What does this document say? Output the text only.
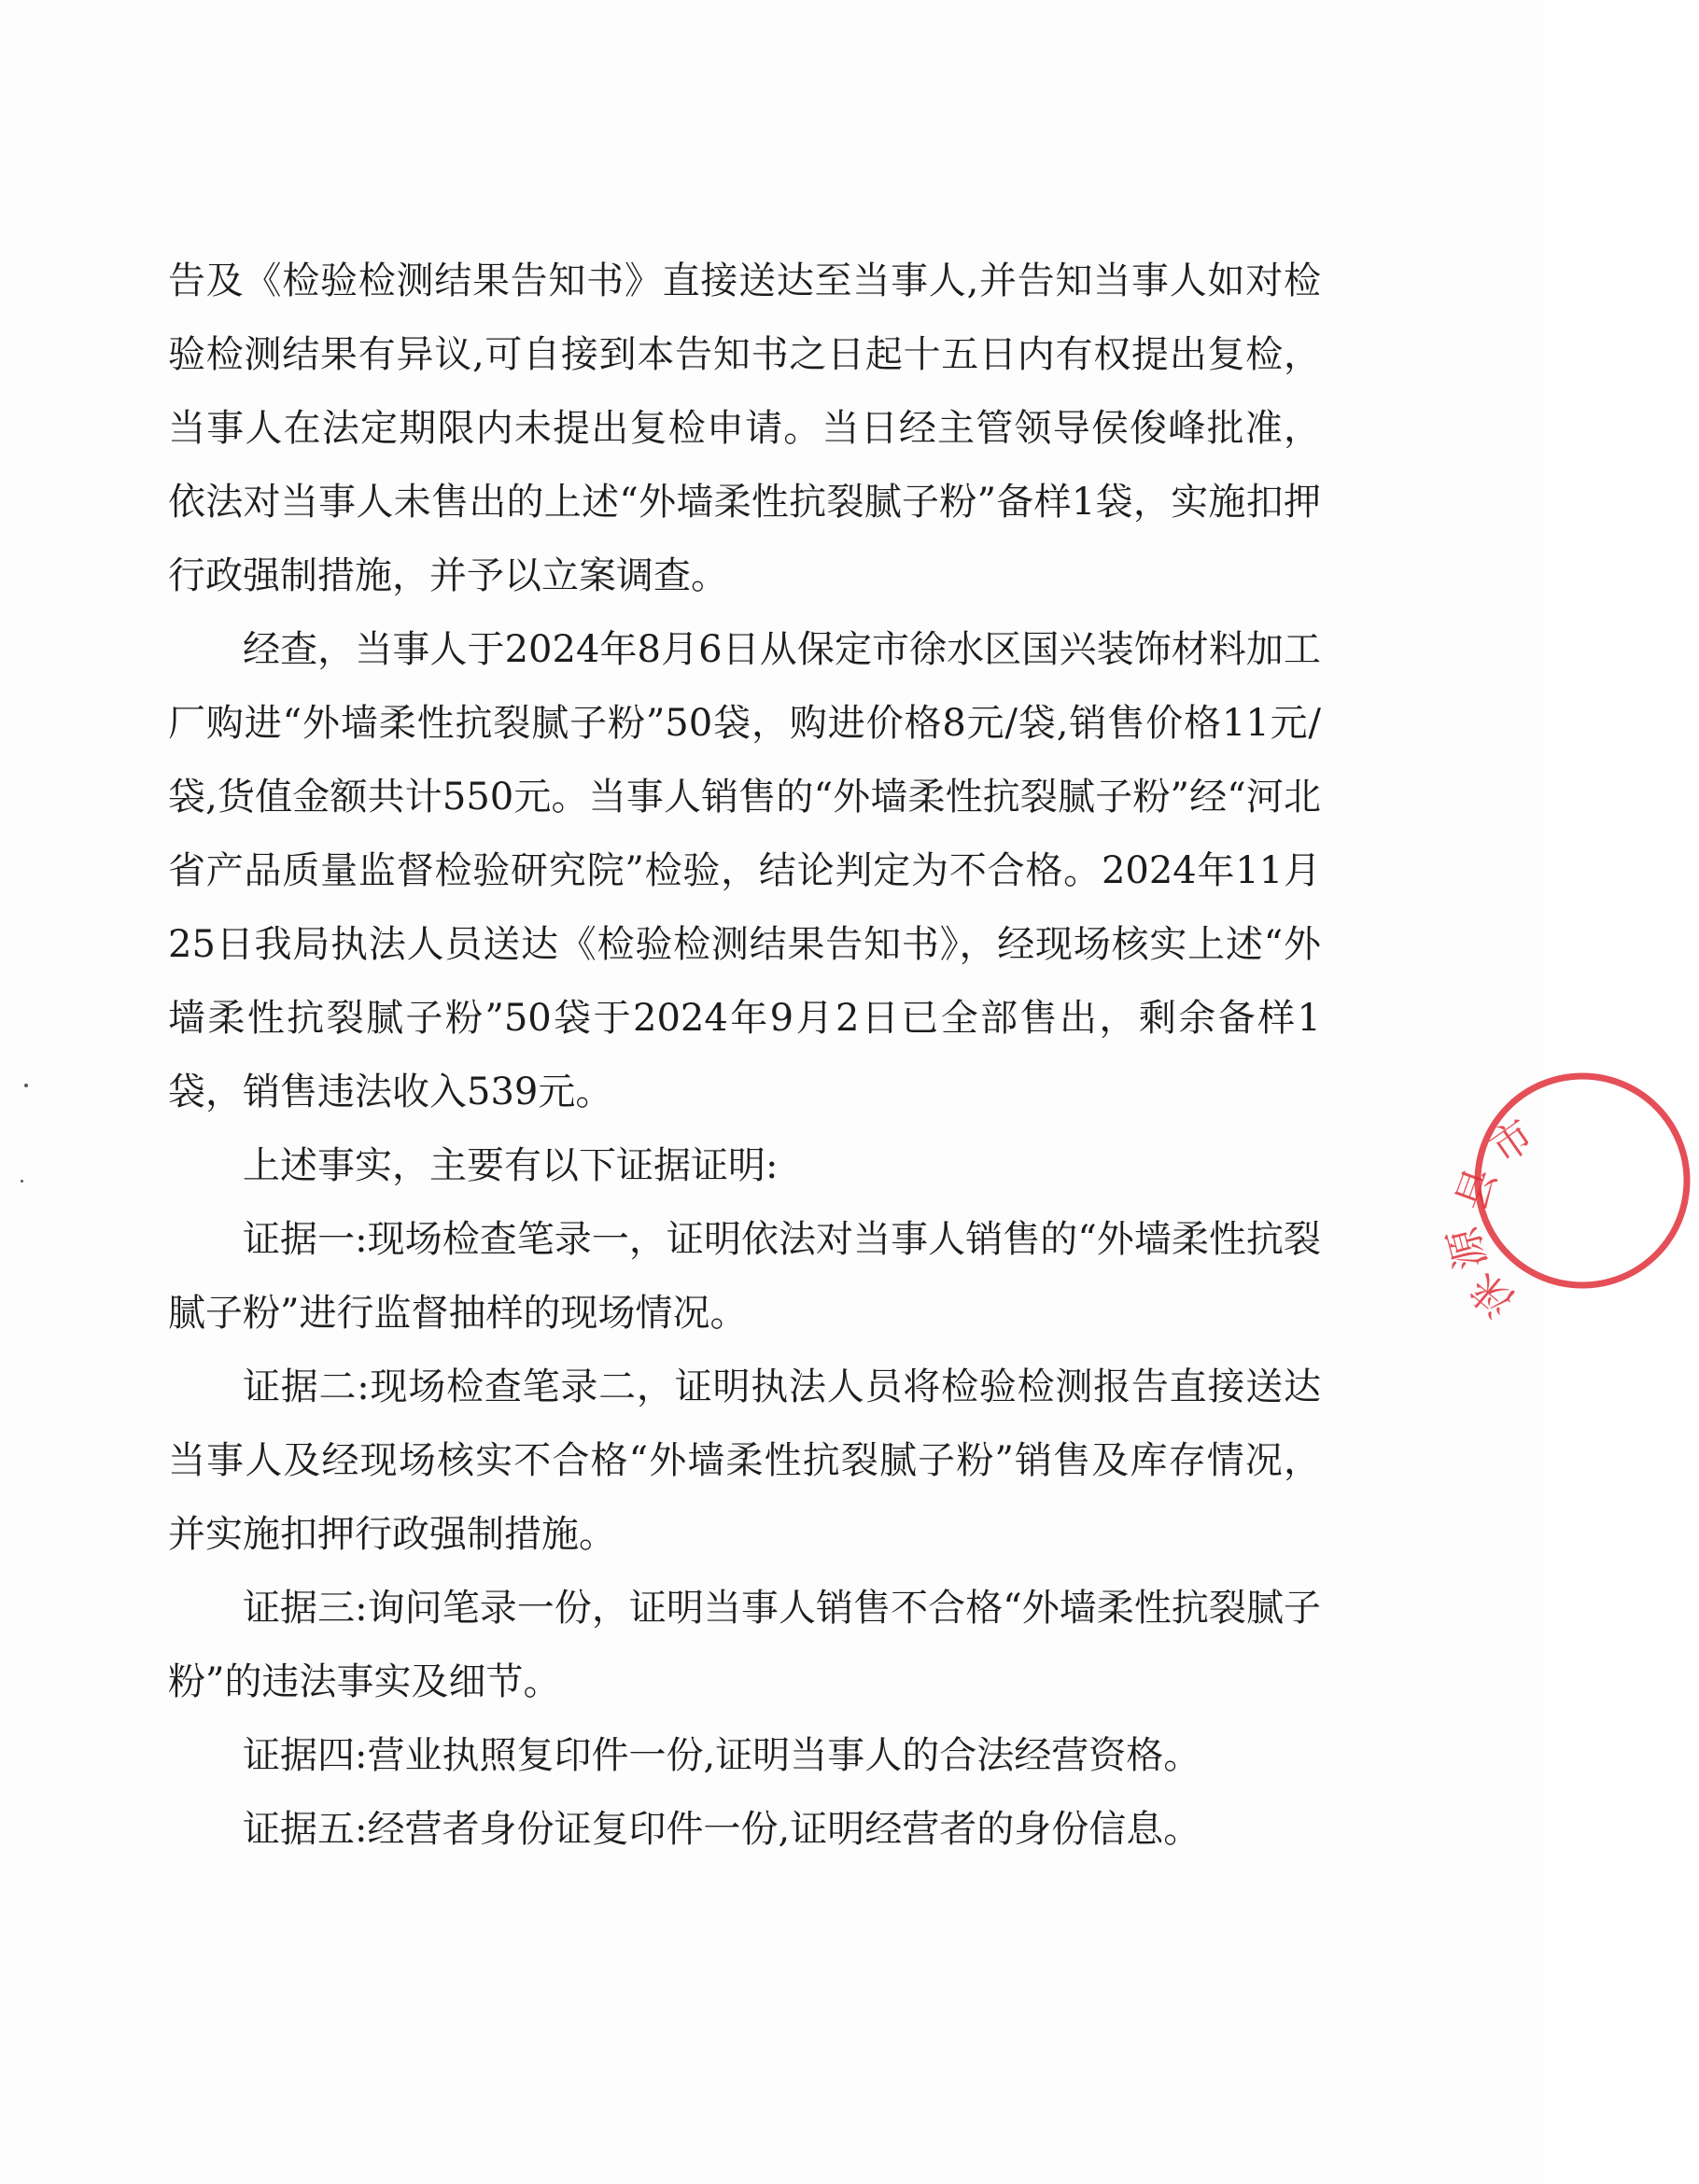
告及《检验检测结果告知书》直接送达至当事人,并告知当事人如对检验检测结果有异议,可自接到本告知书之日起十五日内有权提出复检，当事人在法定期限内未提出复检申请。当日经主管领导侯俊峰批准，依法对当事人未售出的上述“外墙柔性抗裂腻子粉”备样1袋，实施扣押行政强制措施，并予以立案调查。

经查，当事人于2024年8月6日从保定市徐水区国兴装饰材料加工厂购进“外墙柔性抗裂腻子粉”50袋，购进价格8元/袋,销售价格11元/袋,货值金额共计550元。当事人销售的“外墙柔性抗裂腻子粉”经“河北省产品质量监督检验研究院”检验，结论判定为不合格。2024年11月25日我局执法人员送达《检验检测结果告知书》，经现场核实上述“外墙柔性抗裂腻子粉”50袋于2024年9月2日已全部售出，剩余备样1袋，销售违法收入539元。

上述事实，主要有以下证据证明:

证据一:现场检查笔录一，证明依法对当事人销售的“外墙柔性抗裂腻子粉”进行监督抽样的现场情况。

证据二:现场检查笔录二，证明执法人员将检验检测报告直接送达当事人及经现场核实不合格“外墙柔性抗裂腻子粉”销售及库存情况，并实施扣押行政强制措施。

证据三:询问笔录一份，证明当事人销售不合格“外墙柔性抗裂腻子粉”的违法事实及细节。

证据四:营业执照复印件一份,证明当事人的合法经营资格。

证据五:经营者身份证复印件一份,证明经营者的身份信息。

市
县
源
涞
